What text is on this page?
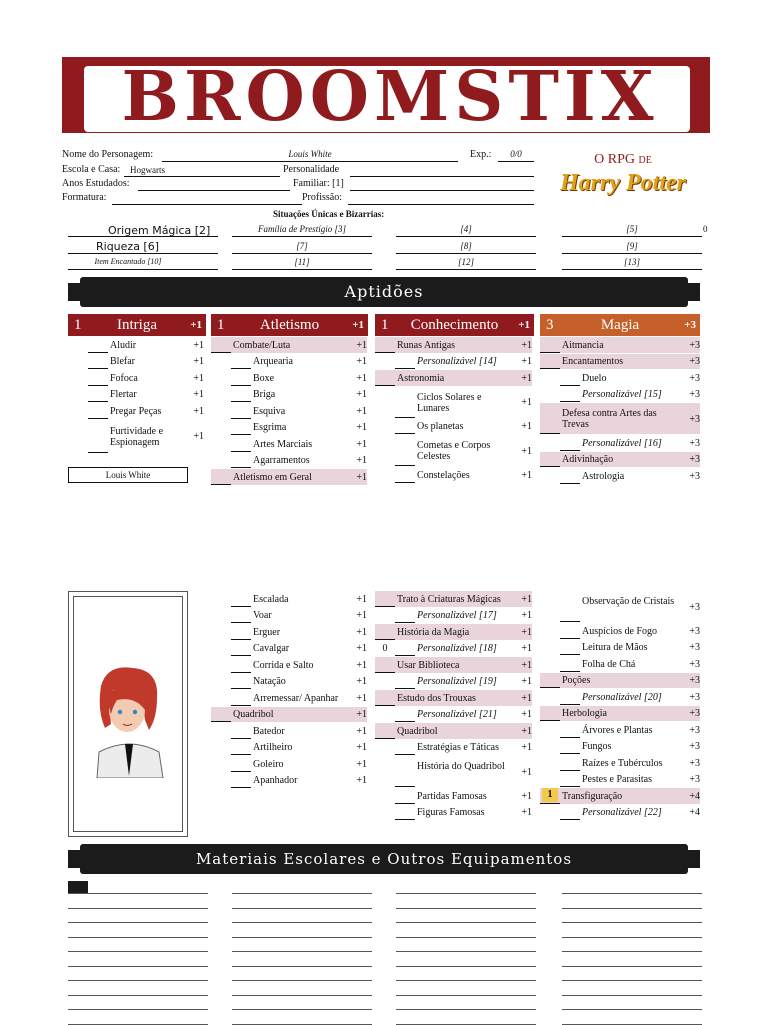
BROOMSTIX
O RPG de
Harry Potter
Nome do Personagem:	Louis White	Exp.:	0/0
Escola e Casa: Hogwarts	Personalidade
Anos Estudados:	Familiar: [1]
Formatura:	Profissão:
Situações Únicas e Bizarrias:
Origem Mágica [2]	Família de Prestígio [3]	[4]	[5]	0
Riqueza [6]	[7]	[8]	[9]
Item Encantado [10]	[11]	[12]	[13]
Aptidões
1	Intriga	+1 1	Atletismo	+1 1	Conhecimento	+1 3	Magia	+3
Aludir	+1
Blefar	+1
Fofoca	+1
Flertar	+1
Pregar Peças	+1
Furtividade e Espionagem	+1
Combate/Luta	+1
Arquearia	+1
Boxe	+1
Briga	+1
Esquiva	+1
Esgrima	+1
Artes Marciais	+1
Agarramentos	+1
Atletismo em Geral	+1
Runas Antigas	+1
Personalizável [14]	+1
Astronomia	+1
Ciclos Solares e Lunares	+1
Os planetas	+1
Cometas e Corpos Celestes	+1
Constelações	+1
Aitmancia	+3
Encantamentos	+3
Duelo	+3
Personalizável [15]	+3
Defesa contra Artes das Trevas	+3
Personalizável [16]	+3
Adivinhação	+3
Astrologia	+3
Louis White
Escalada	+1
Voar	+1
Erguer	+1
Cavalgar	+1
Corrida e Salto	+1
Natação	+1
Arremessar/ Apanhar	+1
Quadribol	+1
Batedor	+1
Artilheiro	+1
Goleiro	+1
Apanhador	+1
Trato à Criaturas Mágicas	+1
Personalizável [17]	+1
História da Magia	+1
0	Personalizável [18]	+1
Usar Biblioteca	+1
Personalizável [19]	+1
Estudo dos Trouxas	+1
Personalizável [21]	+1
Quadribol	+1
Estratégias e Táticas	+1
História do Quadribol	+1
Partidas Famosas	+1
Figuras Famosas	+1
Observação de Cristais	+3
Auspícios de Fogo	+3
Leitura de Mãos	+3
Folha de Chá	+3
Poções	+3
Personalizável [20]	+3
Herbologia	+3
Árvores e Plantas	+3
Fungos	+3
Raízes e Tubérculos	+3
Pestes e Parasitas	+3
1 Transfiguração	+4
Personalizável [22]	+4
Materiais Escolares e Outros Equipamentos
